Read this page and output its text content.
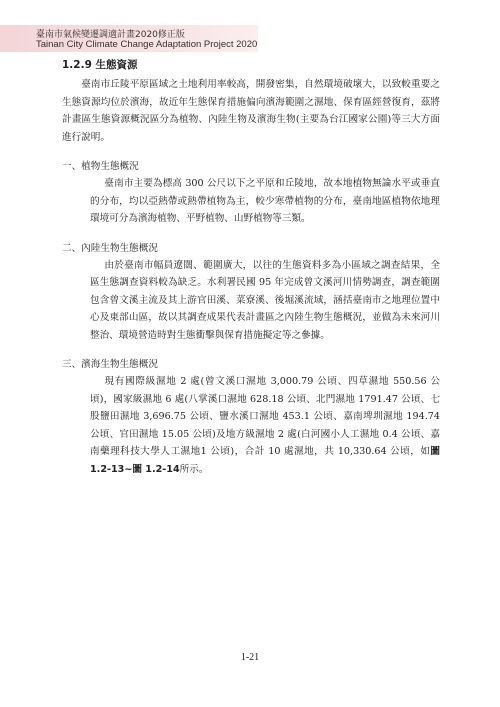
臺南市氣候變遷調適計畫2020修正版
Tainan City Climate Change Adaptation Project 2020
1.2.9 生態資源

臺南市丘陵平原區域之土地利用率較高，開發密集，自然環境破壞大，以致較重要之生態資源均位於濱海，故近年生態保育措施偏向濱海範圍之濕地、保育區經營復育，茲將計畫區生態資源概況區分為植物、內陸生物及濱海生物(主要為台江國家公園)等三大方面進行說明。

一、植物生態概況

臺南市主要為標高 300 公尺以下之平原和丘陵地，故本地植物無論水平或垂直的分布，均以亞熱帶或熱帶植物為主，較少寒帶植物的分布，臺南地區植物依地理環境可分為濱海植物、平野植物、山野植物等三類。

二、內陸生物生態概況

由於臺南市幅員遼闊、範圍廣大，以往的生態資料多為小區域之調查結果，全區生態調查資料較為缺乏。水利署民國 95 年完成曾文溪河川情勢調查，調查範圍包含曾文溪主流及其上游官田溪、菜寮溪、後堀溪流域，涵括臺南市之地理位置中心及東部山區，故以其調查成果代表計畫區之內陸生物生態概況，並做為未來河川整治、環境營造時對生態衝擊與保育措施擬定等之參據。

三、濱海生物生態概況

現有國際級濕地 2 處(曾文溪口濕地 3,000.79 公頃、四草濕地 550.56 公頃)，國家級濕地 6 處(八掌溪口濕地 628.18 公頃、北門濕地 1791.47 公頃、七股鹽田濕地 3,696.75 公頃、鹽水溪口濕地 453.1 公頃、嘉南埤圳濕地 194.74 公頃、官田濕地 15.05 公頃)及地方級濕地 2 處(白河國小人工濕地 0.4 公頃、嘉南藥理科技大學人工濕地1 公頃)，合計 10 處濕地，共 10,330.64 公頃，如圖 1.2-13~圖 1.2-14所示。

1-21
